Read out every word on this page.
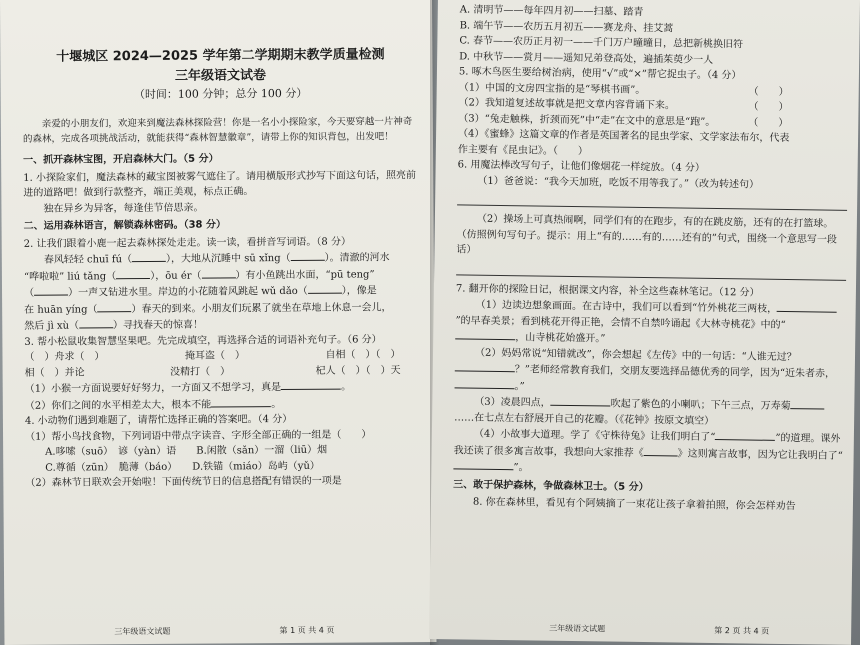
十堰城区 2024—2025 学年第二学期期末教学质量检测
三年级语文试卷
（时间：100 分钟；总分 100 分）

亲爱的小朋友们，欢迎来到魔法森林探险营！你是一名小小探险家，今天要穿越一片神奇的森林，完成各项挑战活动，就能获得“森林智慧徽章”，请带上你的知识背包，出发吧！

一、抓开森林宝图，开启森林大门。（5 分）

1. 小探险家们，魔法森林的藏宝图被雾气遮住了。请用横版形式抄写下面这句话，照亮前进的道路吧！做到行款整齐，端正美观，标点正确。

独在异乡为异客，每逢佳节倍思亲。

二、运用森林语言，解锁森林密码。（38 分）

2. 让我们跟着小鹿一起去森林探处走走。读一读，看拼音写词语。（8 分）

春风轻轻 chuī fú（	），大地从沉睡中 sū xǐng（	）。清澈的河水

“哗啦啦” liú tǎng（	），ōu ér（	）有小鱼跳出水面，“pū teng”

（	）一声又钻进水里。岸边的小花随着风跳起 wǔ dǎo（	），像是

在 huān yíng（	）春天的到来。小朋友们玩累了就坐在草地上休息一会儿，

然后 jì xù（	）寻找春天的惊喜！

3. 帮小松鼠收集智慧坚果吧。先完成填空，再选择合适的词语补充句子。（6 分）

（　）舟求（　）	掩耳盗（　）	自相（　）（　）
相（　）并论	没精打（　）	杞人（　）（　）天

（1）小猴一方面说要好好努力，一方面又不想学习，真是	。

（2）你们之间的水平相差太大，根本不能	。

4. 小动物们遇到难题了，请帮忙选择正确的答案吧。（4 分）

（1）帮小鸟找食物，下列词语中带点字读音、字形全部正确的一组是（　　）

A.哆嗦（suō）　谚（yàn）语　　B.闲散（sǎn）一溜（liū）烟

C.尊循（zūn）　脆薄（báo）　　D.铁锚（miáo）岛屿（yǔ）

（2）森林节日联欢会开始啦！下面传统节日的信息搭配有错误的一项是

三年级语文试题	第 1 页 共 4 页

A. 清明节——每年四月初——扫墓、踏青

B. 端午节——农历五月初五——赛龙舟、挂艾蒿

C. 春节——农历正月初一——千门万户曈曈日，总把新桃换旧符

D. 中秋节——赏月——遥知兄弟登高处，遍插茱萸少一人

5. 啄木鸟医生要给树治病，使用“√”或“×”帮它捉虫子。（4 分）

（1）中国的文房四宝指的是“琴棋书画”。	（　　）
（2）我知道复述故事就是把文章内容背诵下来。	（　　）
（3）“兔走触株，折颈而死”中“走”在文中的意思是“跑”。	（　　）

（4）《蜜蜂》这篇文章的作者是英国著名的昆虫学家、文学家法布尔，代表

作主要有《昆虫记》。（　　）

6. 用魔法棒改写句子，让他们像烟花一样绽放。（4 分）

（1）爸爸说：“我今天加班，吃饭不用等我了。”（改为转述句）

（2）操场上可真热闹啊，同学们有的在跑步，有的在跳皮筋，还有的在打篮球。（仿照例句写句子。提示：用上“有的……有的……还有的”句式，围绕一个意思写一段话）

7. 翻开你的探险日记，根据课文内容，补全这些森林笔记。（12 分）

（1）边读边想象画面。在古诗中，我们可以看到“竹外桃花三两枝，”的早春美景；看到桃花开得正艳，会情不自禁吟诵起《大林寺桃花》中的“，山寺桃花始盛开。”

（2）妈妈常说“知错就改”，你会想起《左传》中的一句话：“人谁无过？？”老师经常教育我们，交朋友要选择品德优秀的同学，因为“近朱者赤，。”

（3）凌晨四点，	吹起了紫色的小喇叭；下午三点，万寿菊……在七点左右舒展开自己的花瓣。（《花钟》按原文填空）

（4）小故事大道理。学了《守株待兔》让我们明白了“	”的道理。课外我还读了很多寓言故事，我想向大家推荐《	》这则寓言故事，因为它让我明白了“”。

三、敢于保护森林，争做森林卫士。（5 分）

8. 你在森林里，看见有个阿姨摘了一束花让孩子拿着拍照，你会怎样劝告

三年级语文试题	第 2 页 共 4 页
